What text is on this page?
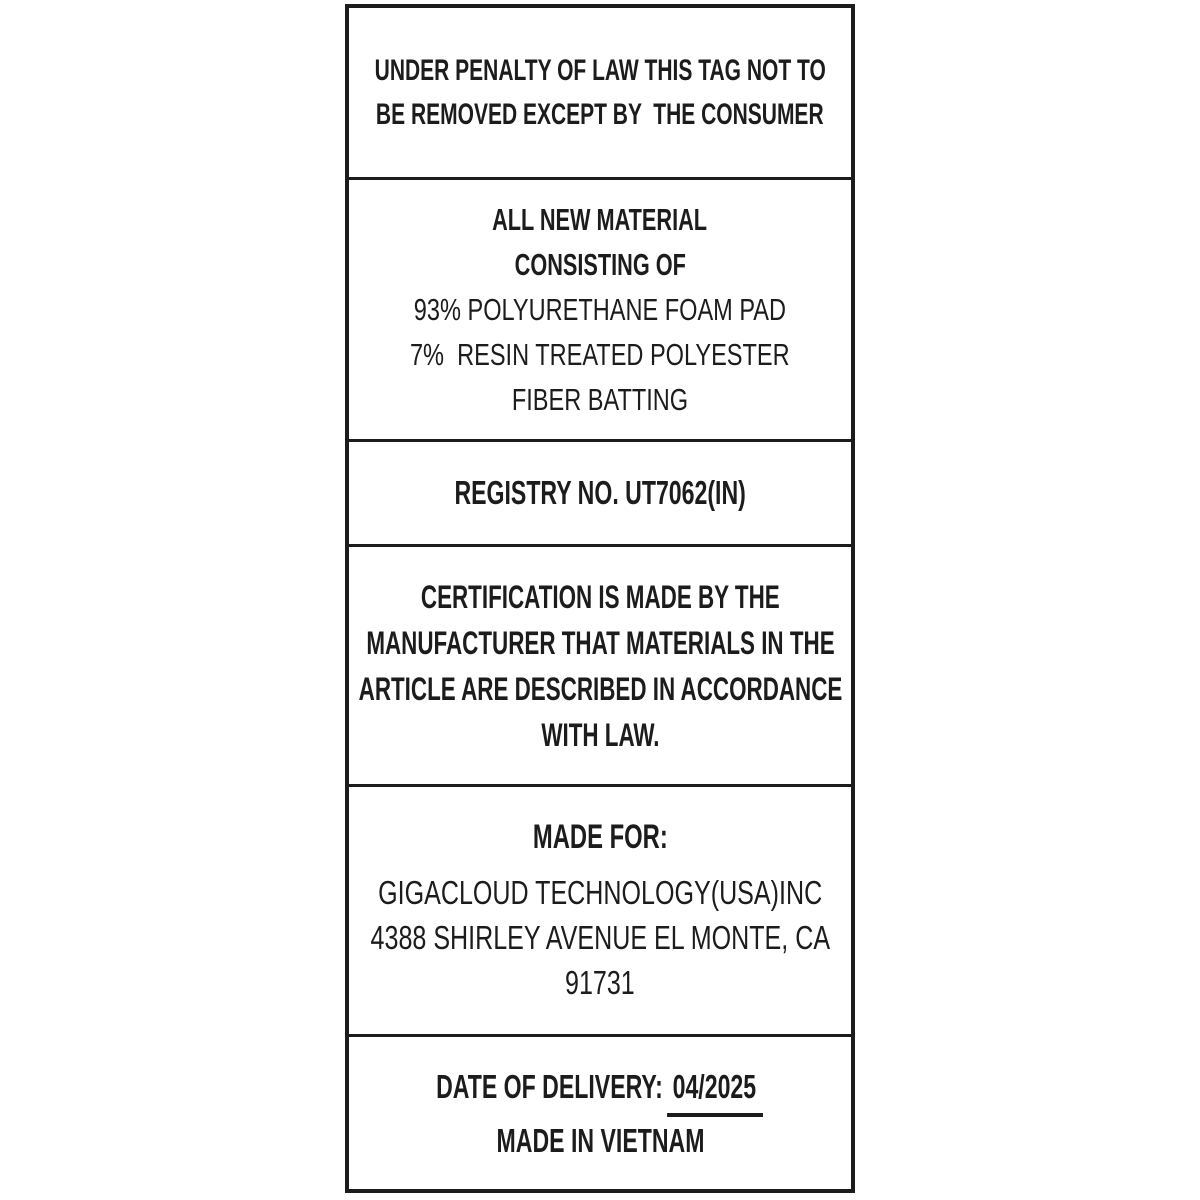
UNDER PENALTY OF LAW THIS TAG NOT TO
BE REMOVED EXCEPT BY  THE CONSUMER
ALL NEW MATERIAL
CONSISTING OF
93% POLYURETHANE FOAM PAD
7%  RESIN TREATED POLYESTER
FIBER BATTING
REGISTRY NO. UT7062(IN)
CERTIFICATION IS MADE BY THE
MANUFACTURER THAT MATERIALS IN THE
ARTICLE ARE DESCRIBED IN ACCORDANCE
WITH LAW.
MADE FOR:
GIGACLOUD TECHNOLOGY(USA)INC
4388 SHIRLEY AVENUE EL MONTE, CA
91731
DATE OF DELIVERY: 04/2025
MADE IN VIETNAM
